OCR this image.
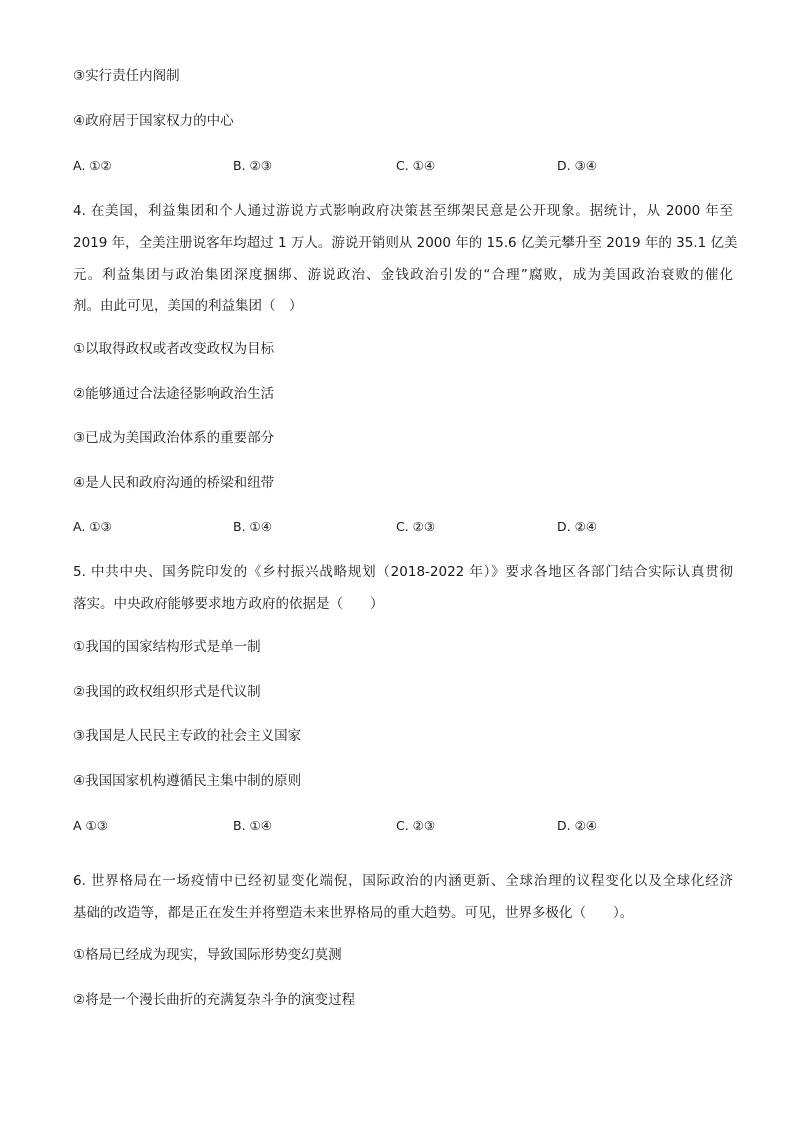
③实行责任内阁制
④政府居于国家权力的中心
A. ①②	B. ②③	C. ①④	D. ③④
4. 在美国，利益集团和个人通过游说方式影响政府决策甚至绑架民意是公开现象。据统计，从 2000 年至
2019 年，全美注册说客年均超过 1 万人。游说开销则从 2000 年的 15.6 亿美元攀升至 2019 年的 35.1 亿美
元。利益集团与政治集团深度捆绑、游说政治、金钱政治引发的“合理”腐败，成为美国政治衰败的催化
剂。由此可见，美国的利益集团（　）
①以取得政权或者改变政权为目标
②能够通过合法途径影响政治生活
③已成为美国政治体系的重要部分
④是人民和政府沟通的桥梁和纽带
A. ①③	B. ①④	C. ②③	D. ②④
5. 中共中央、国务院印发的《乡村振兴战略规划（2018-2022 年）》要求各地区各部门结合实际认真贯彻
落实。中央政府能够要求地方政府的依据是（　　）
①我国的国家结构形式是单一制
②我国的政权组织形式是代议制
③我国是人民民主专政的社会主义国家
④我国国家机构遵循民主集中制的原则
A ①③	B. ①④	C. ②③	D. ②④
6. 世界格局在一场疫情中已经初显变化端倪，国际政治的内涵更新、全球治理的议程变化以及全球化经济
基础的改造等，都是正在发生并将塑造未来世界格局的重大趋势。可见，世界多极化（　　）。
①格局已经成为现实，导致国际形势变幻莫测
②将是一个漫长曲折的充满复杂斗争的演变过程
